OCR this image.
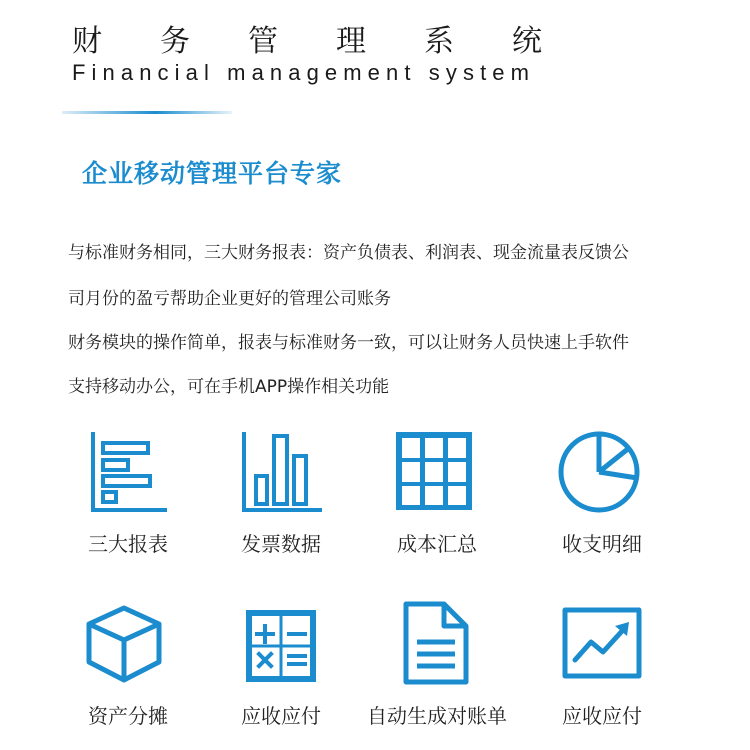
财 务 管 理 系 统
Financial management system
企业移动管理平台专家
与标准财务相同，三大财务报表：资产负债表、利润表、现金流量表反馈公
司月份的盈亏帮助企业更好的管理公司账务
财务模块的操作简单，报表与标准财务一致，可以让财务人员快速上手软件
支持移动办公，可在手机APP操作相关功能
三大报表	发票数据	成本汇总	收支明细
资产分摊	应收应付	自动生成对账单	应收应付
